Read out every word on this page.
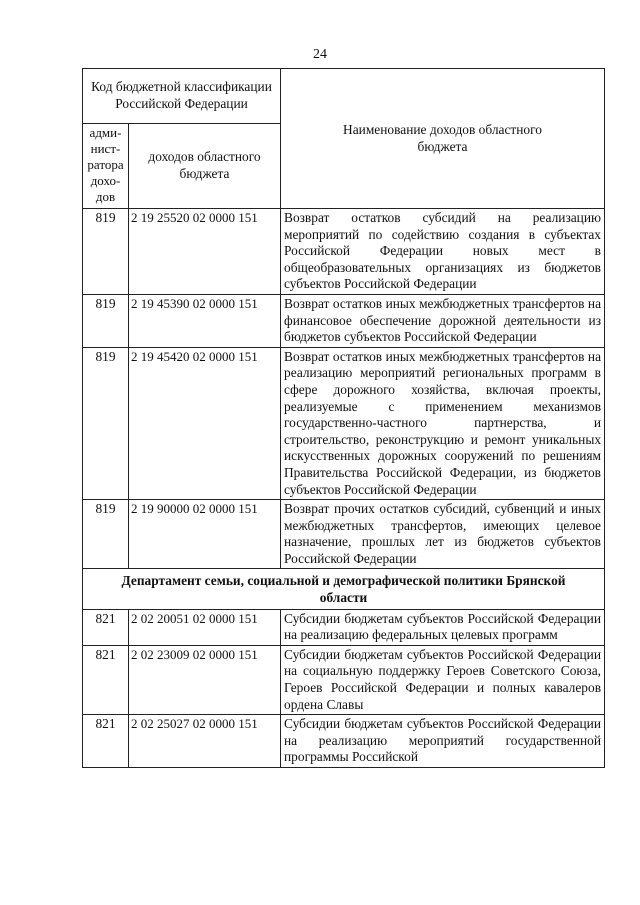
24
Код бюджетной классификации Российской Федерации		Наименование доходов областного бюджета
адми-нист-ратора дохо-дов	доходов областного бюджета	
819	2 19 25520 02 0000 151	Возврат остатков субсидий на реализацию мероприятий по содействию создания в субъектах Российской Федерации новых мест в общеобразовательных организациях из бюджетов субъектов Российской Федерации
819	2 19 45390 02 0000 151	Возврат остатков иных межбюджетных трансфертов на финансовое обеспечение дорожной деятельности из бюджетов субъектов Российской Федерации
819	2 19 45420 02 0000 151	Возврат остатков иных межбюджетных трансфертов на реализацию мероприятий региональных программ в сфере дорожного хозяйства, включая проекты, реализуемые с применением механизмов государственно-частного партнерства, и строительство, реконструкцию и ремонт уникальных искусственных дорожных сооружений по решениям Правительства Российской Федерации, из бюджетов субъектов Российской Федерации
819	2 19 90000 02 0000 151	Возврат прочих остатков субсидий, субвенций и иных межбюджетных трансфертов, имеющих целевое назначение, прошлых лет из бюджетов субъектов Российской Федерации
Департамент семьи, социальной и демографической политики Брянской области		
821	2 02 20051 02 0000 151	Субсидии бюджетам субъектов Российской Федерации на реализацию федеральных целевых программ
821	2 02 23009 02 0000 151	Субсидии бюджетам субъектов Российской Федерации на социальную поддержку Героев Советского Союза, Героев Российской Федерации и полных кавалеров ордена Славы
821	2 02 25027 02 0000 151	Субсидии бюджетам субъектов Российской Федерации на реализацию мероприятий государственной программы Российской
